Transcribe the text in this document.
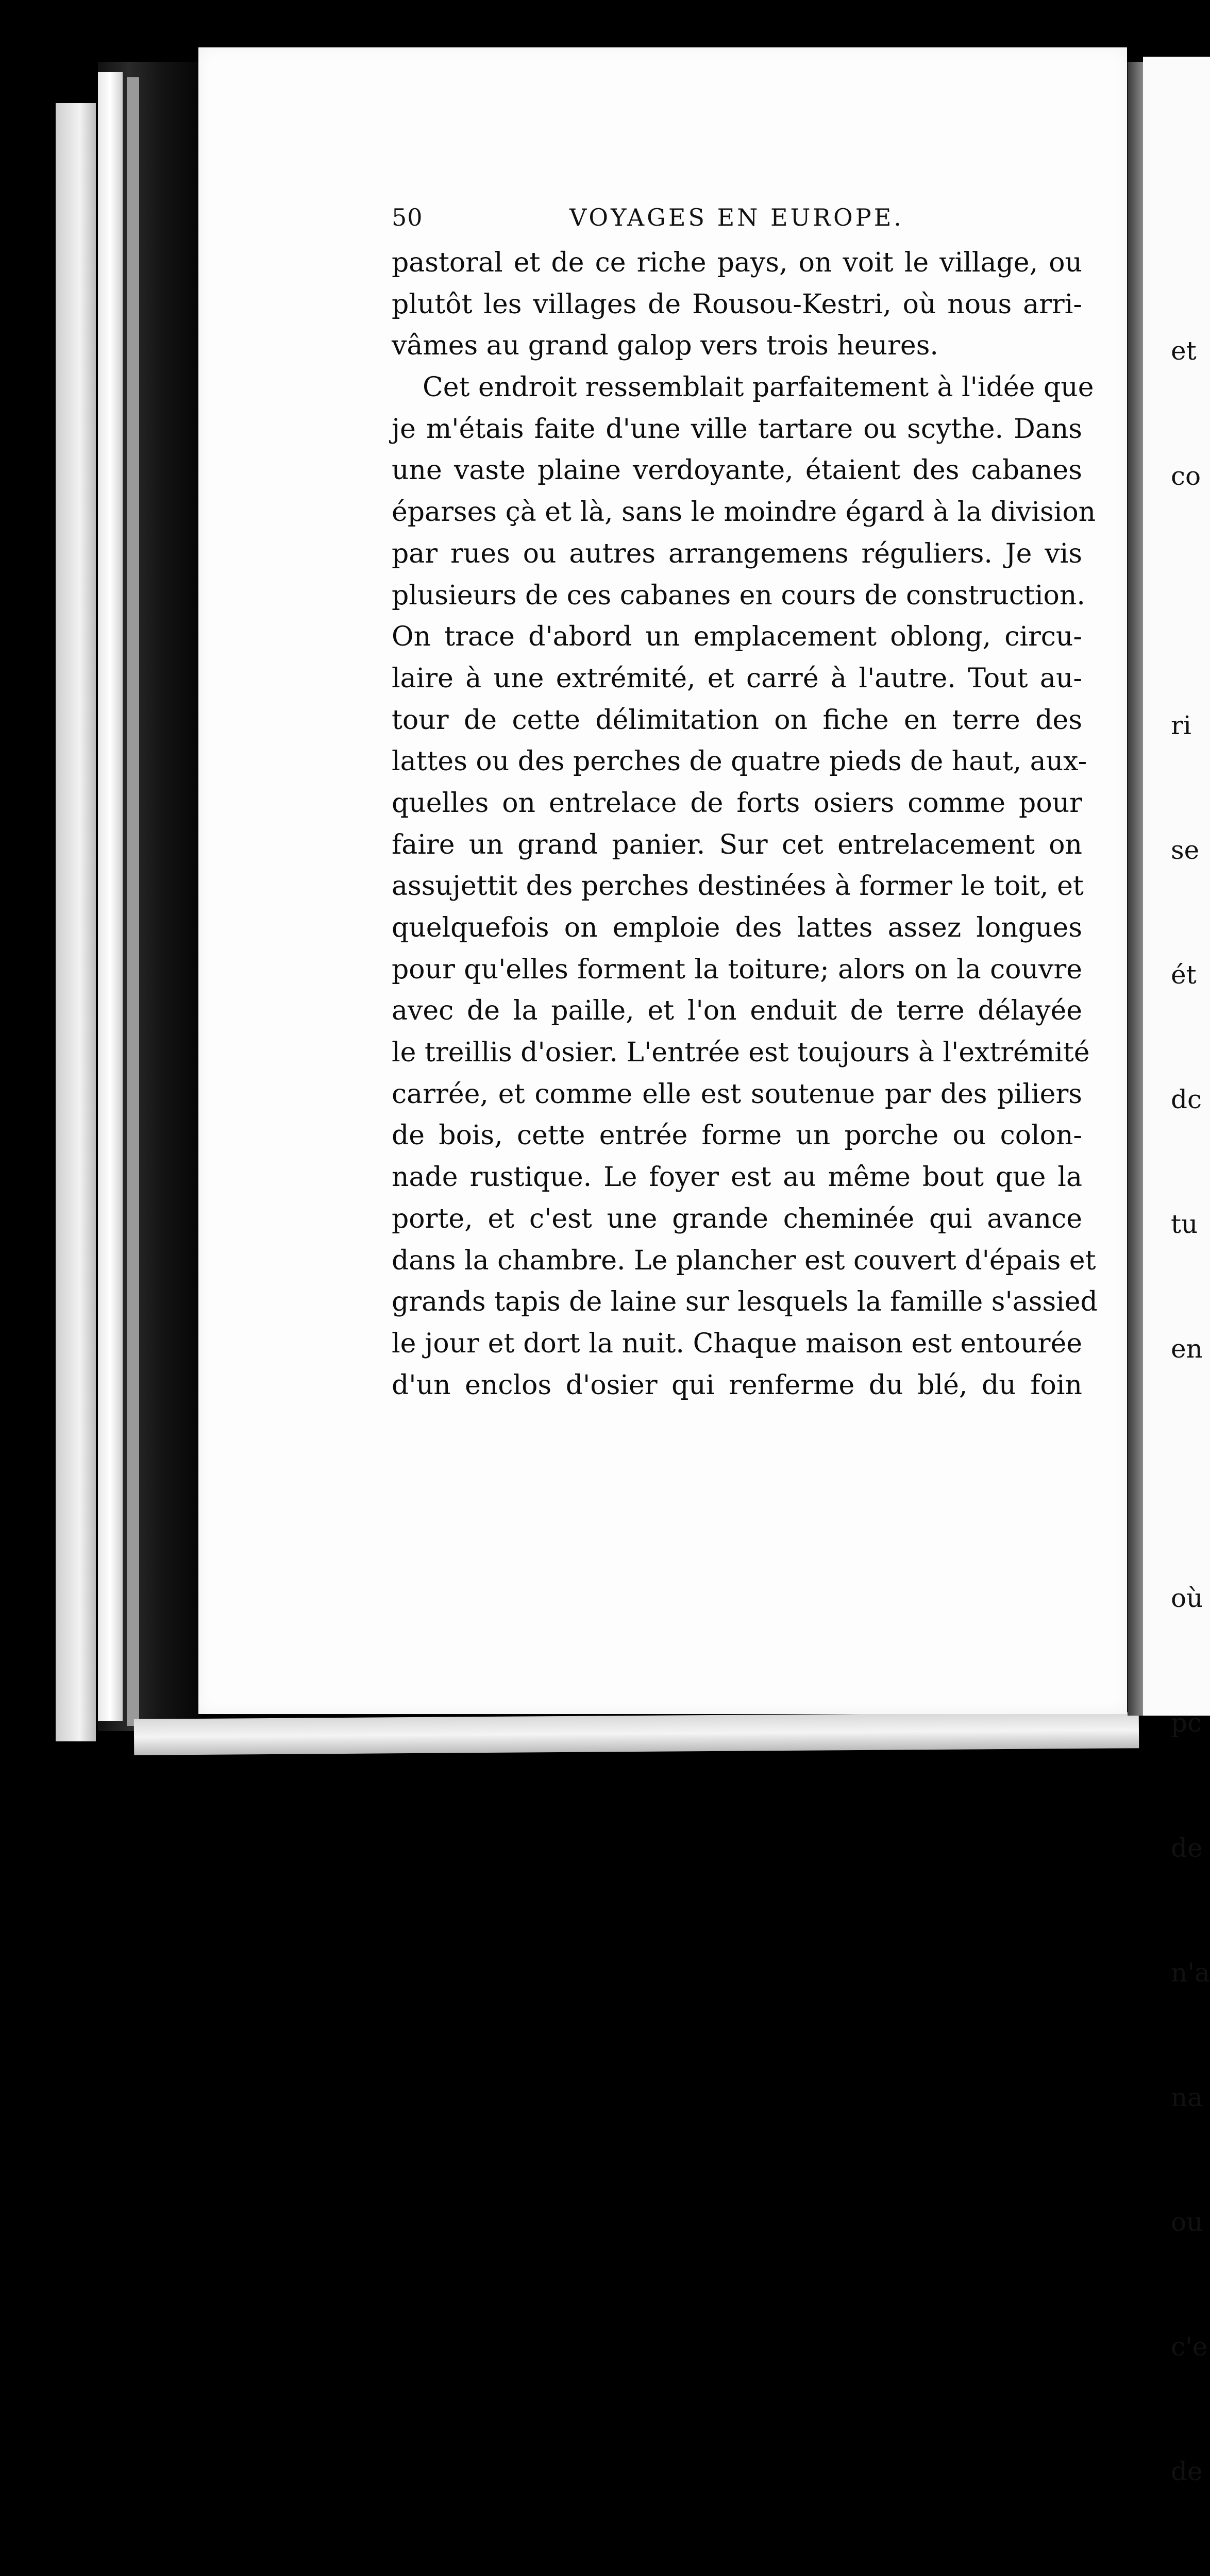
50	VOYAGES EN EUROPE.
pastoral et de ce riche pays, on voit le village, ou
plutôt les villages de Rousou-Kestri, où nous arri-
vâmes au grand galop vers trois heures.
Cet endroit ressemblait parfaitement à l'idée que
je m'étais faite d'une ville tartare ou scythe. Dans
une vaste plaine verdoyante, étaient des cabanes
éparses çà et là, sans le moindre égard à la division
par rues ou autres arrangemens réguliers. Je vis
plusieurs de ces cabanes en cours de construction.
On trace d'abord un emplacement oblong, circu-
laire à une extrémité, et carré à l'autre. Tout au-
tour de cette délimitation on fiche en terre des
lattes ou des perches de quatre pieds de haut, aux-
quelles on entrelace de forts osiers comme pour
faire un grand panier. Sur cet entrelacement on
assujettit des perches destinées à former le toit, et
quelquefois on emploie des lattes assez longues
pour qu'elles forment la toiture; alors on la couvre
avec de la paille, et l'on enduit de terre délayée
le treillis d'osier. L'entrée est toujours à l'extrémité
carrée, et comme elle est soutenue par des piliers
de bois, cette entrée forme un porche ou colon-
nade rustique. Le foyer est au même bout que la
porte, et c'est une grande cheminée qui avance
dans la chambre. Le plancher est couvert d'épais et
grands tapis de laine sur lesquels la famille s'assied
le jour et dort la nuit. Chaque maison est entourée
d'un enclos d'osier qui renferme du blé, du foin

et

co

ri

se

ét

dc

tu

en

où

pc

de

n'a

na

ou

c'e

de
